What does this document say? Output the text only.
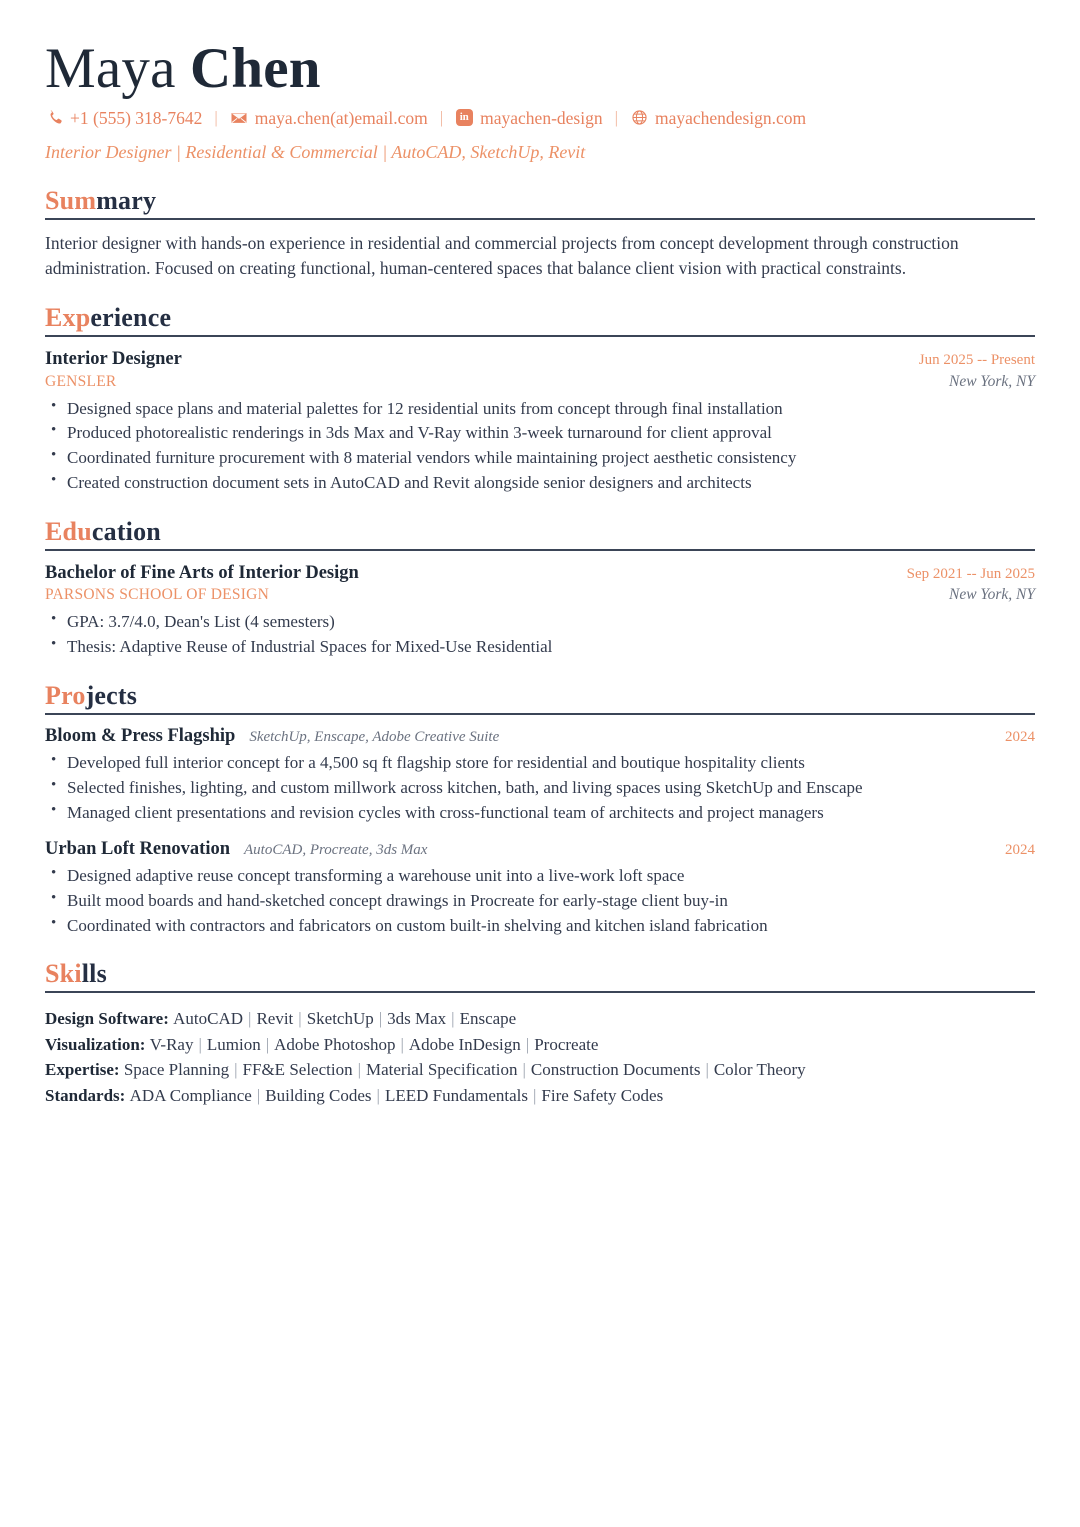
Maya Chen
+1 (555) 318-7642 |	maya.chen(at)email.com |	in mayachen-design |	mayachendesign.com
Interior Designer | Residential & Commercial | AutoCAD, SketchUp, Revit
Summary

Interior designer with hands-on experience in residential and commercial projects from concept development through construction administration. Focused on creating functional, human-centered spaces that balance client vision with practical constraints.

Experience
Interior Designer	Jun 2025 -- Present
GENSLER	New York, NY
• Designed space plans and material palettes for 12 residential units from concept through final installation
• Produced photorealistic renderings in 3ds Max and V-Ray within 3-week turnaround for client approval
• Coordinated furniture procurement with 8 material vendors while maintaining project aesthetic consistency
• Created construction document sets in AutoCAD and Revit alongside senior designers and architects
Education
Bachelor of Fine Arts of Interior Design	Sep 2021 -- Jun 2025
PARSONS SCHOOL OF DESIGN	New York, NY
• GPA: 3.7/4.0, Dean's List (4 semesters)
• Thesis: Adaptive Reuse of Industrial Spaces for Mixed-Use Residential
Projects
Bloom & Press Flagship SketchUp, Enscape, Adobe Creative Suite	2024
• Developed full interior concept for a 4,500 sq ft flagship store for residential and boutique hospitality clients
• Selected finishes, lighting, and custom millwork across kitchen, bath, and living spaces using SketchUp and Enscape
• Managed client presentations and revision cycles with cross-functional team of architects and project managers
Urban Loft Renovation AutoCAD, Procreate, 3ds Max	2024
• Designed adaptive reuse concept transforming a warehouse unit into a live-work loft space
• Built mood boards and hand-sketched concept drawings in Procreate for early-stage client buy-in
• Coordinated with contractors and fabricators on custom built-in shelving and kitchen island fabrication
Skills
Design Software: AutoCAD | Revit | SketchUp | 3ds Max | Enscape
Visualization: V-Ray | Lumion | Adobe Photoshop | Adobe InDesign | Procreate
Expertise: Space Planning | FF&E Selection | Material Specification | Construction Documents | Color Theory
Standards: ADA Compliance | Building Codes | LEED Fundamentals | Fire Safety Codes
